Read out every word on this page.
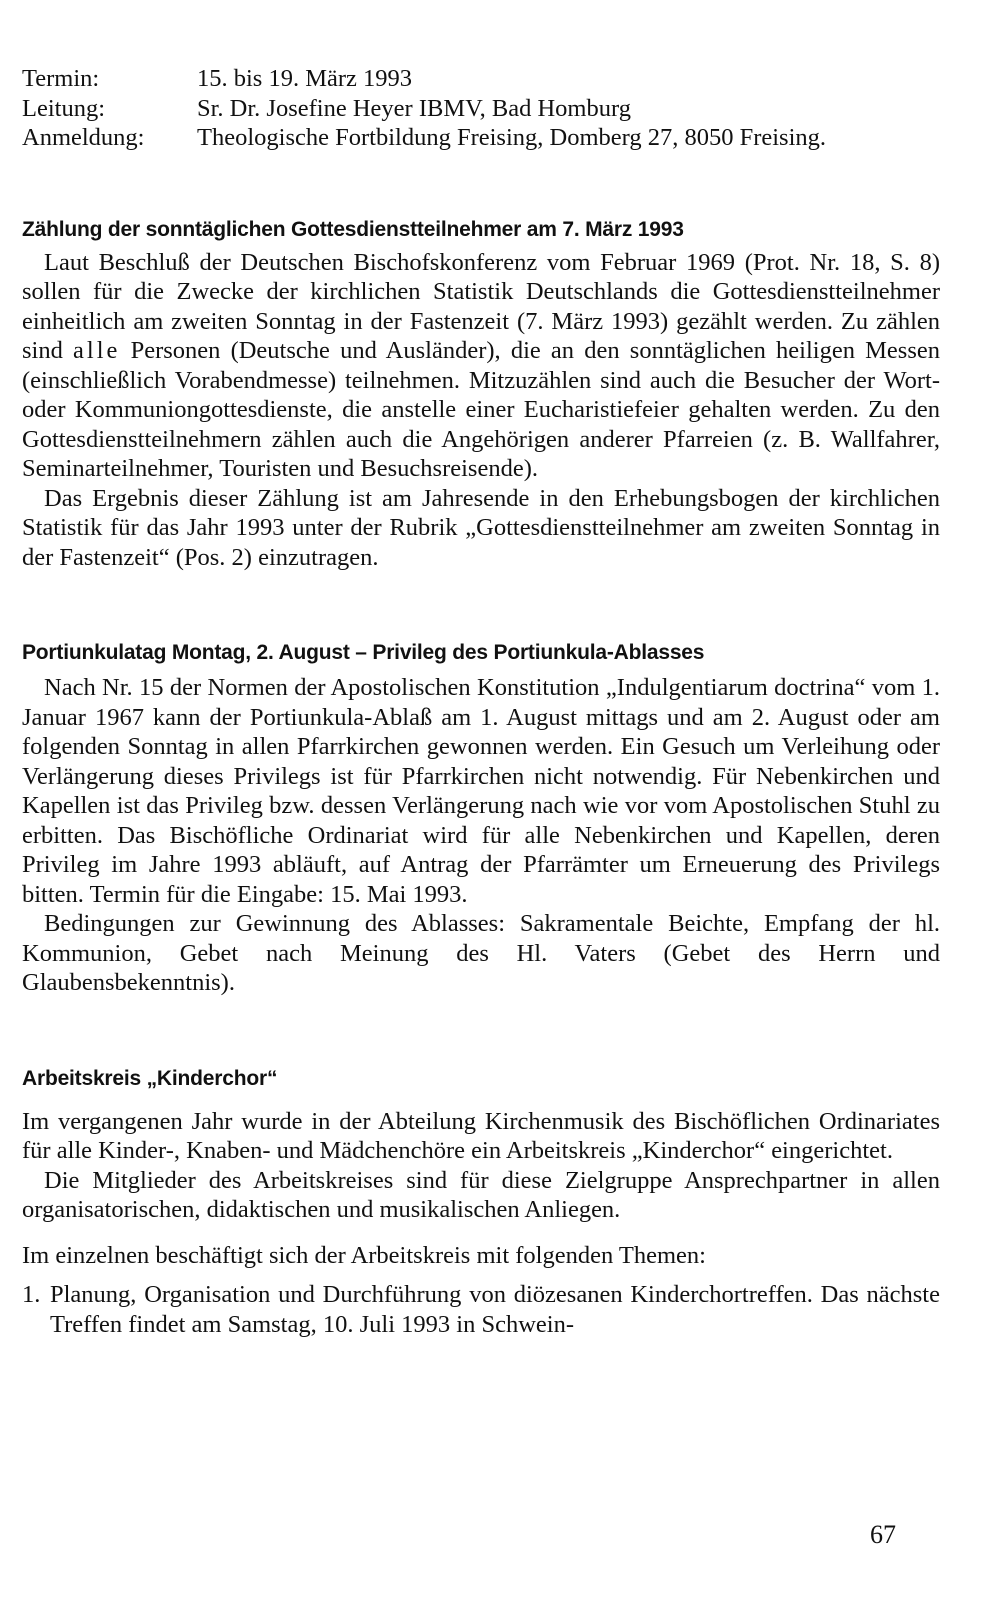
Termin:	15. bis 19. März 1993
Leitung:	Sr. Dr. Josefine Heyer IBMV, Bad Homburg
Anmeldung:	Theologische Fortbildung Freising, Domberg 27, 8050 Freising.
Zählung der sonntäglichen Gottesdienstteilnehmer am 7. März 1993

Laut Beschluß der Deutschen Bischofskonferenz vom Februar 1969 (Prot. Nr. 18, S. 8) sollen für die Zwecke der kirchlichen Statistik Deutschlands die Gottesdienstteilnehmer einheitlich am zweiten Sonntag in der Fastenzeit (7. März 1993) gezählt werden. Zu zählen sind alle Personen (Deutsche und Ausländer), die an den sonntäglichen heiligen Messen (einschließlich Vorabendmesse) teilnehmen. Mitzuzählen sind auch die Besucher der Wort- oder Kommuniongottesdienste, die anstelle einer Eucharistiefeier gehalten werden. Zu den Gottesdienstteilnehmern zählen auch die Angehörigen anderer Pfarreien (z. B. Wallfahrer, Seminarteilnehmer, Touristen und Besuchsreisende).

Das Ergebnis dieser Zählung ist am Jahresende in den Erhebungsbogen der kirchlichen Statistik für das Jahr 1993 unter der Rubrik „Gottesdienstteilnehmer am zweiten Sonntag in der Fastenzeit“ (Pos. 2) einzutragen.

Portiunkulatag Montag, 2. August – Privileg des Portiunkula-Ablasses

Nach Nr. 15 der Normen der Apostolischen Konstitution „Indulgentiarum doctrina“ vom 1. Januar 1967 kann der Portiunkula-Ablaß am 1. August mittags und am 2. August oder am folgenden Sonntag in allen Pfarrkirchen gewonnen werden. Ein Gesuch um Verleihung oder Verlängerung dieses Privilegs ist für Pfarrkirchen nicht notwendig. Für Nebenkirchen und Kapellen ist das Privileg bzw. dessen Verlängerung nach wie vor vom Apostolischen Stuhl zu erbitten. Das Bischöfliche Ordinariat wird für alle Nebenkirchen und Kapellen, deren Privileg im Jahre 1993 abläuft, auf Antrag der Pfarrämter um Erneuerung des Privilegs bitten. Termin für die Eingabe: 15. Mai 1993.

Bedingungen zur Gewinnung des Ablasses: Sakramentale Beichte, Empfang der hl. Kommunion, Gebet nach Meinung des Hl. Vaters (Gebet des Herrn und Glaubensbekenntnis).

Arbeitskreis „Kinderchor“

Im vergangenen Jahr wurde in der Abteilung Kirchenmusik des Bischöflichen Ordinariates für alle Kinder-, Knaben- und Mädchenchöre ein Arbeitskreis „Kinderchor“ eingerichtet.

Die Mitglieder des Arbeitskreises sind für diese Zielgruppe Ansprechpartner in allen organisatorischen, didaktischen und musikalischen Anliegen.

Im einzelnen beschäftigt sich der Arbeitskreis mit folgenden Themen:

1. Planung, Organisation und Durchführung von diözesanen Kinderchortreffen. Das nächste Treffen findet am Samstag, 10. Juli 1993 in Schwein-
67
